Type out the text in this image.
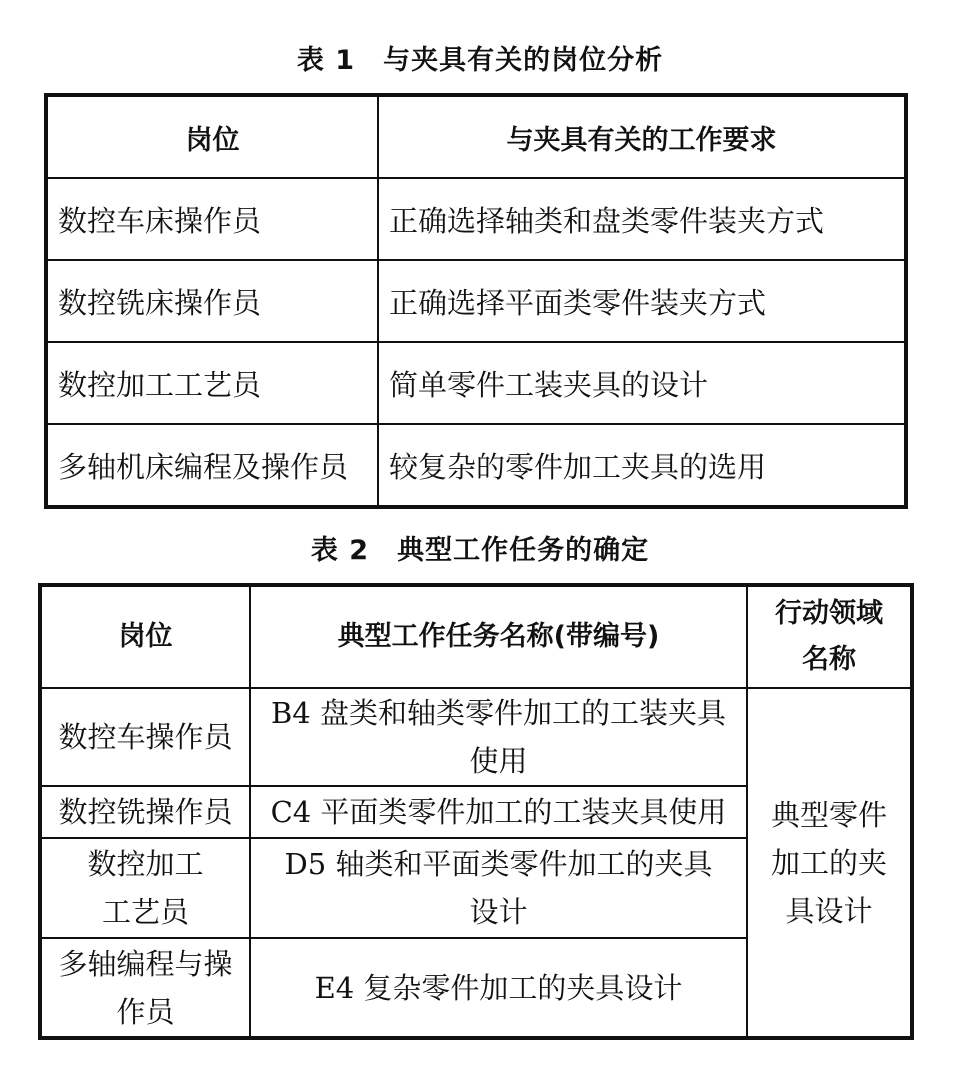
表 1　与夹具有关的岗位分析
岗位	与夹具有关的工作要求
数控车床操作员	正确选择轴类和盘类零件装夹方式
数控铣床操作员	正确选择平面类零件装夹方式
数控加工工艺员	简单零件工装夹具的设计
多轴机床编程及操作员	较复杂的零件加工夹具的选用
表 2　典型工作任务的确定
岗位	典型工作任务名称(带编号)	行动领域名称
数控车操作员	B4 盘类和轴类零件加工的工装夹具使用	典型零件加工的夹具设计
数控铣操作员	C4 平面类零件加工的工装夹具使用	
数控加工工艺员	D5 轴类和平面类零件加工的夹具设计	
多轴编程与操作员	E4 复杂零件加工的夹具设计	
